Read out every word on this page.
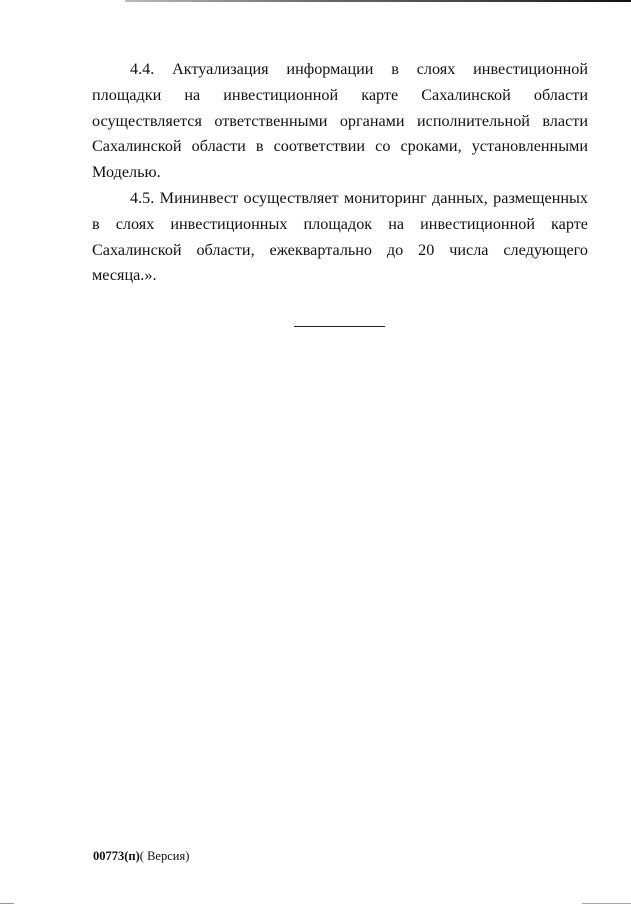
4.4. Актуализация информации в слоях инвестиционной площадки на инвестиционной карте Сахалинской области осуществляется ответственными органами исполнительной власти Сахалинской области в соответствии со сроками, установленными Моделью.

4.5. Мининвест осуществляет мониторинг данных, размещенных в слоях инвестиционных площадок на инвестиционной карте Сахалинской области, ежеквартально до 20 числа следующего месяца.».

00773(п)( Версия)
